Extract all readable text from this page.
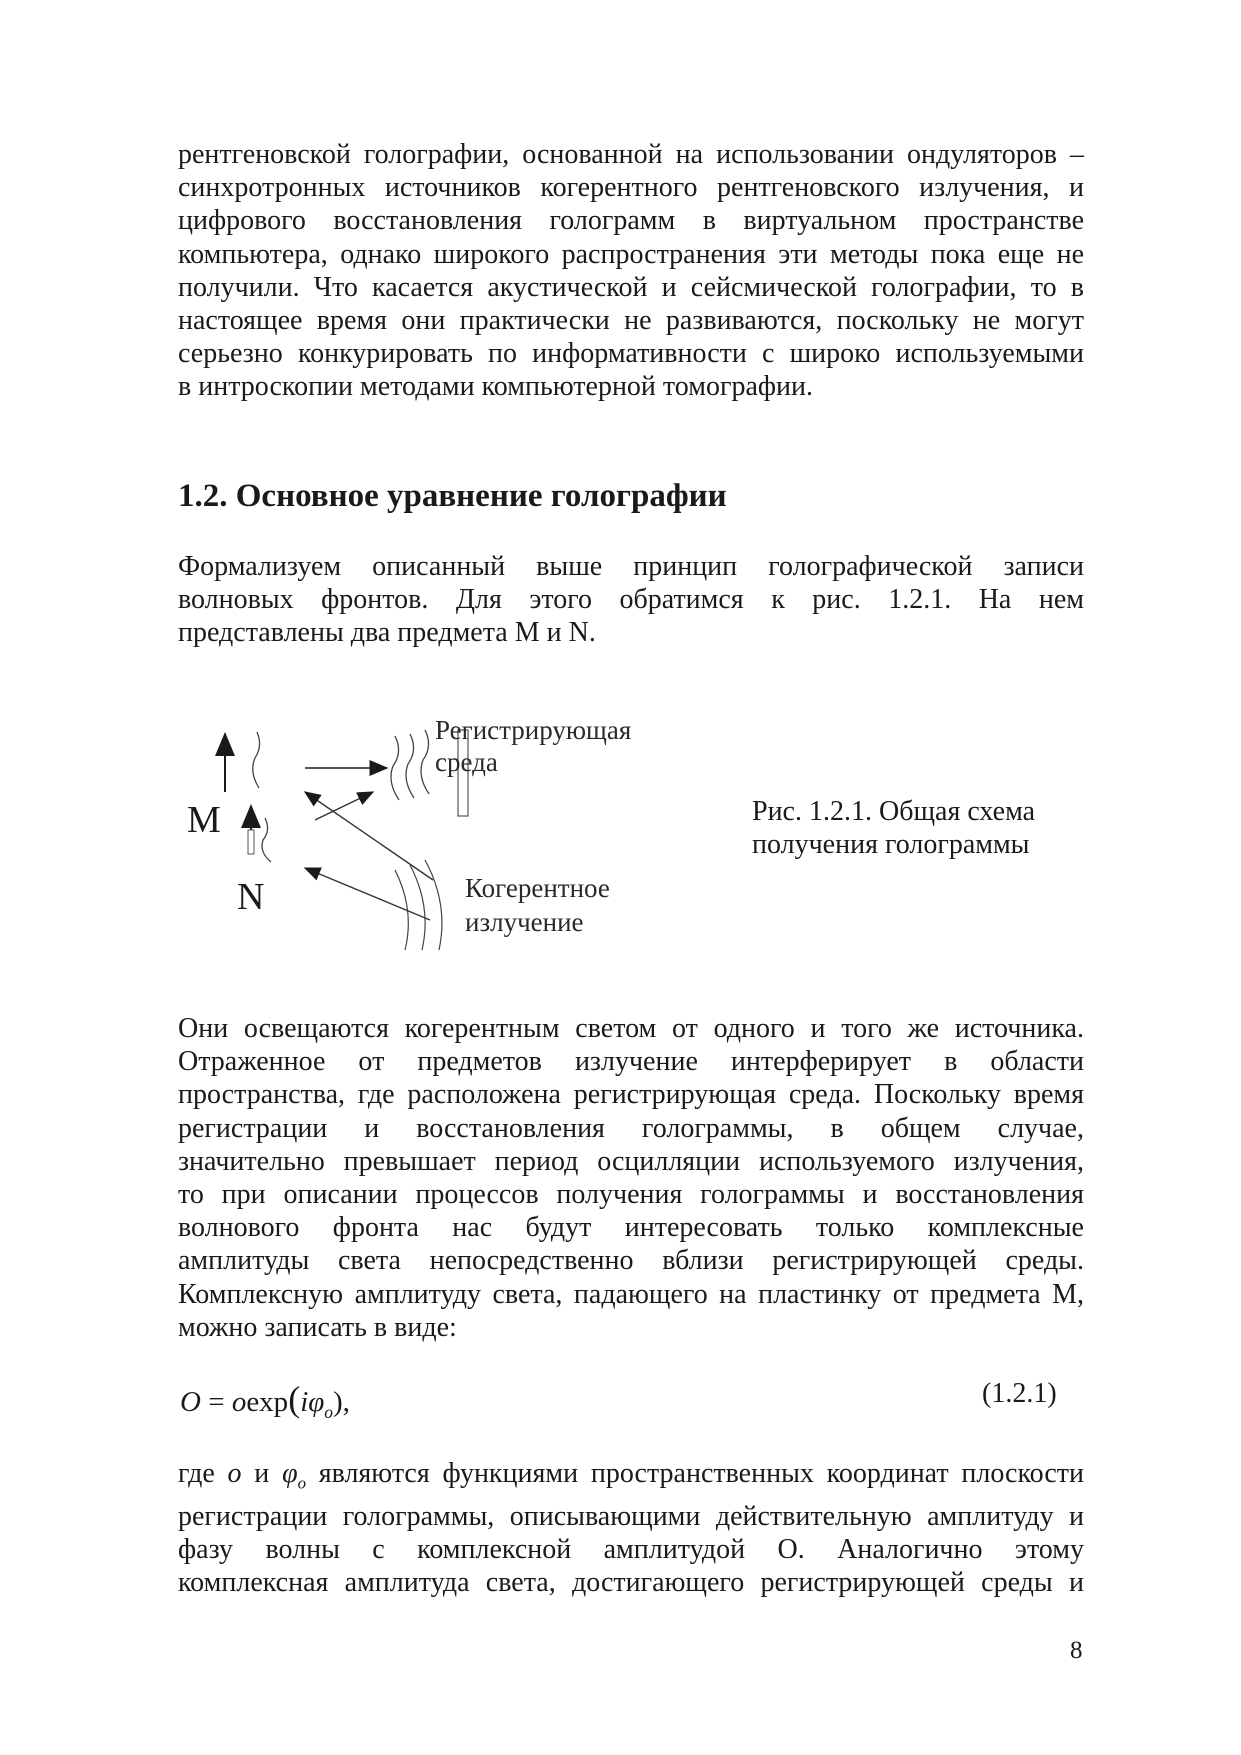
рентгеновской голографии, основанной на использовании ондуляторов –
синхротронных источников когерентного рентгеновского излучения, и
цифрового восстановления голограмм в виртуальном пространстве
компьютера, однако широкого распространения эти методы пока еще не
получили. Что касается акустической и сейсмической голографии, то в
настоящее время они практически не развиваются, поскольку не могут
серьезно конкурировать по информативности с широко используемыми
в интроскопии методами компьютерной томографии.
1.2. Основное уравнение голографии
Формализуем описанный выше принцип голографической записи
волновых фронтов. Для этого обратимся к рис. 1.2.1. На нем
представлены два предмета M и N.
Регистрирующая
среда
Когерентное
излучение
M
N
Рис. 1.2.1. Общая схема
получения голограммы
Они освещаются когерентным светом от одного и того же источника.
Отраженное от предметов излучение интерферирует в области
пространства, где расположена регистрирующая среда. Поскольку время
регистрации и восстановления голограммы, в общем случае,
значительно превышает период осцилляции используемого излучения,
то при описании процессов получения голограммы и восстановления
волнового фронта нас будут интересовать только комплексные
амплитуды света непосредственно вблизи регистрирующей среды.
Комплексную амплитуду света, падающего на пластинку от предмета М,
можно записать в виде:
$O = oexp(i\varphi_o)$,	(1.2.1)
где o и $\varphi_o$ являются функциями пространственных координат плоскости
регистрации голограммы, описывающими действительную амплитуду и
фазу волны с комплексной амплитудой О. Аналогично этому
комплексная амплитуда света, достигающего регистрирующей среды и
8
